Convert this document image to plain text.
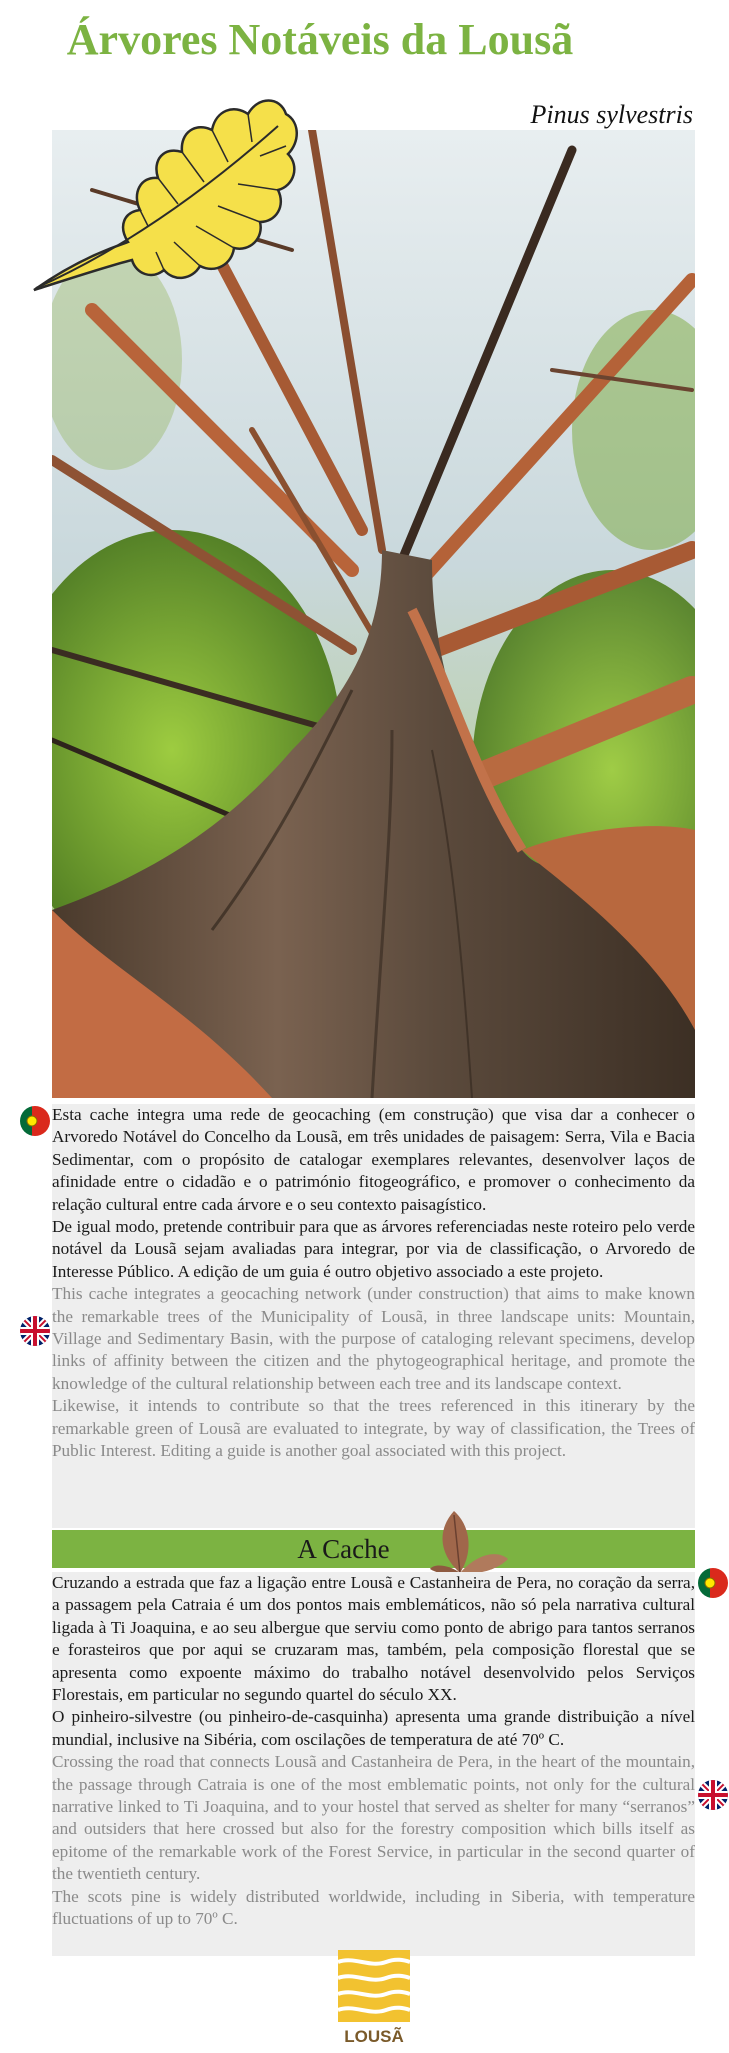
Árvores Notáveis da Lousã
Pinus sylvestris

Esta cache integra uma rede de geocaching (em construção) que visa dar a conhecer o Arvoredo Notável do Concelho da Lousã, em três unidades de paisagem: Serra, Vila e Bacia Sedimentar, com o propósito de catalogar exemplares relevantes, desenvolver laços de afinidade entre o cidadão e o património fitogeográfico, e promover o conhecimento da relação cultural entre cada árvore e o seu contexto paisagístico.

De igual modo, pretende contribuir para que as árvores referenciadas neste roteiro pelo verde notável da Lousã sejam avaliadas para integrar, por via de classificação, o Arvoredo de Interesse Público. A edição de um guia é outro objetivo associado a este projeto.

This cache integrates a geocaching network (under construction) that aims to make known the remarkable trees of the Municipality of Lousã, in three landscape units: Mountain, Village and Sedimentary Basin, with the purpose of cataloging relevant specimens, develop links of affinity between the citizen and the phytogeographical heritage, and promote the knowledge of the cultural relationship between each tree and its landscape context.

Likewise, it intends to contribute so that the trees referenced in this itinerary by the remarkable green of Lousã are evaluated to integrate, by way of classification, the Trees of Public Interest. Editing a guide is another goal associated with this project.

A Cache

Cruzando a estrada que faz a ligação entre Lousã e Castanheira de Pera, no coração da serra, a passagem pela Catraia é um dos pontos mais emblemáticos, não só pela narrativa cultural ligada à Ti Joaquina, e ao seu albergue que serviu como ponto de abrigo para tantos serranos e forasteiros que por aqui se cruzaram mas, também, pela composição florestal que se apresenta como expoente máximo do trabalho notável desenvolvido pelos Serviços Florestais, em particular no segundo quartel do século XX.

O pinheiro-silvestre (ou pinheiro-de-casquinha) apresenta uma grande distribuição a nível mundial, inclusive na Sibéria, com oscilações de temperatura de até 70º C.

Crossing the road that connects Lousã and Castanheira de Pera, in the heart of the mountain, the passage through Catraia is one of the most emblematic points, not only for the cultural narrative linked to Ti Joaquina, and to your hostel that served as shelter for many “serranos” and outsiders that here crossed but also for the forestry composition which bills itself as epitome of the remarkable work of the Forest Service, in particular in the second quarter of the twentieth century.

The scots pine is widely distributed worldwide, including in Siberia, with temperature fluctuations of up to 70º C.

LOUSÃ
